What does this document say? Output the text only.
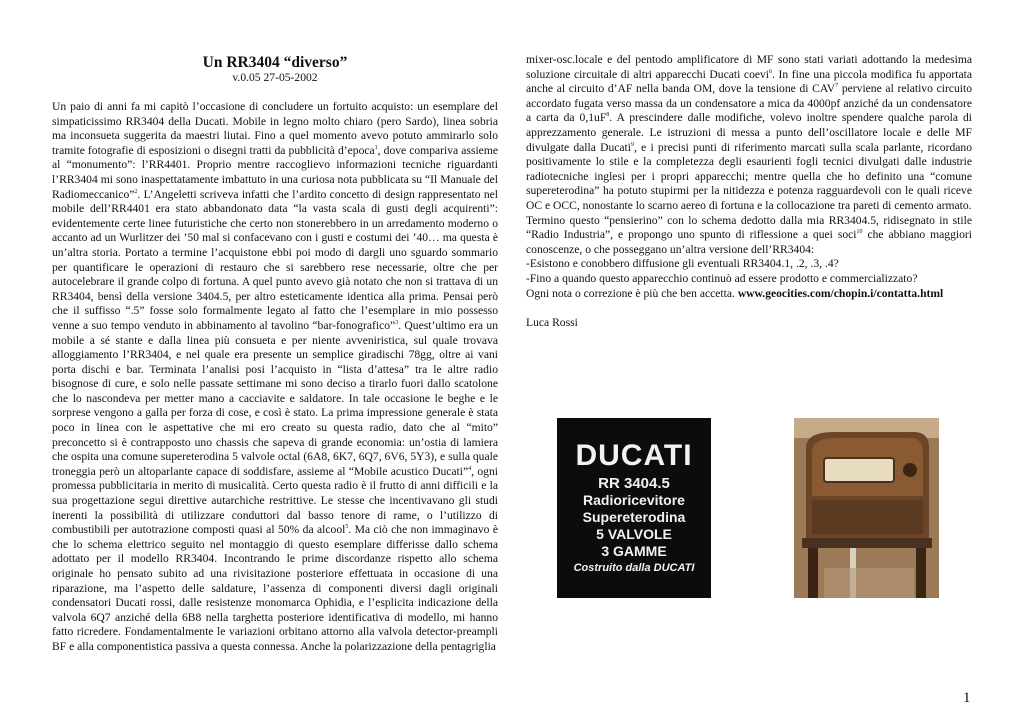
Un RR3404 “diverso”
v.0.05 27-05-2002

Un paio di anni fa mi capitò l’occasione di concludere un fortuito acquisto: un esemplare del simpaticissimo RR3404 della Ducati. Mobile in legno molto chiaro (pero Sardo), linea sobria ma inconsueta suggerita da maestri liutai. Fino a quel momento avevo potuto ammirarlo solo tramite fotografie di esposizioni o disegni tratti da pubblicità d’epoca$^1$, dove compariva assieme al “monumento”: l’RR4401. Proprio mentre raccoglievo informazioni tecniche riguardanti l’RR3404 mi sono inaspettatamente imbattuto in una curiosa nota pubblicata su “Il Manuale del Radiomeccanico”$^2$. L’Angeletti scriveva infatti che l’ardito concetto di design rappresentato nel mobile dell’RR4401 era stato abbandonato data “la vasta scala di gusti degli acquirenti”: evidentemente certe linee futuristiche che certo non stonerebbero in un arredamento moderno o accanto ad un Wurlitzer dei ’50 mal si confacevano con i gusti e costumi dei ’40… ma questa è un’altra storia. Portato a termine l’acquistone ebbi poi modo di dargli uno sguardo sommario per quantificare le operazioni di restauro che si sarebbero rese necessarie, oltre che per autocelebrare il grande colpo di fortuna. A quel punto avevo già notato che non si trattava di un RR3404, bensì della versione 3404.5, per altro esteticamente identica alla prima. Pensai però che il suffisso “.5” fosse solo formalmente legato al fatto che l’esemplare in mio possesso venne a suo tempo venduto in abbinamento al tavolino “bar-fonografico”$^3$. Quest’ultimo era un mobile a sé stante e dalla linea più consueta e per niente avveniristica, sul quale trovava alloggiamento l’RR3404, e nel quale era presente un semplice giradischi 78gg, oltre ai vani porta dischi e bar. Terminata l’analisi posi l’acquisto in “lista d’attesa” tra le altre radio bisognose di cure, e solo nelle passate settimane mi sono deciso a tirarlo fuori dallo scatolone che lo nascondeva per metter mano a cacciavite e saldatore. In tale occasione le beghe e le sorprese vengono a galla per forza di cose, e così è stato. La prima impressione generale è stata poco in linea con le aspettative che mi ero creato su questa radio, dato che al “mito” preconcetto si è contrapposto uno chassis che sapeva di grande economia: un’ostia di lamiera che ospita una comune supereterodina 5 valvole octal (6A8, 6K7, 6Q7, 6V6, 5Y3), e sulla quale troneggia però un altoparlante capace di soddisfare, assieme al “Mobile acustico Ducati”$^4$, ogni promessa pubblicitaria in merito di musicalità. Certo questa radio è il frutto di anni difficili e la sua progettazione segui direttive autarchiche restrittive. Le stesse che incentivavano gli studi inerenti la possibilità di utilizzare conduttori dal basso tenore di rame, o l’utilizzo di combustibili per autotrazione composti quasi al 50% da alcool$^5$. Ma ciò che non immaginavo è che lo schema elettrico seguito nel montaggio di questo esemplare differisse dallo schema adottato per il modello RR3404. Incontrando le prime discordanze rispetto allo schema originale ho pensato subito ad una rivisitazione posteriore effettuata in occasione di una riparazione, ma l’aspetto delle saldature, l’assenza di componenti diversi dagli originali condensatori Ducati rossi, dalle resistenze monomarca Ophidia, e l’esplicita indicazione della valvola 6Q7 anziché della 6B8 nella targhetta posteriore identificativa di modello, mi hanno fatto ricredere. Fondamentalmente le variazioni orbitano attorno alla valvola detector-preampli BF e alla componentistica passiva a questa connessa. Anche la polarizzazione della pentagriglia

mixer-osc.locale e del pentodo amplificatore di MF sono stati variati adottando la medesima soluzione circuitale di altri apparecchi Ducati coevi$^6$. In fine una piccola modifica fu apportata anche al circuito d’AF nella banda OM, dove la tensione di CAV$^7$ perviene al relativo circuito accordato fugata verso massa da un condensatore a mica da 4000pf anziché da un condensatore a carta da $0,1uF^8$. A prescindere dalle modifiche, volevo inoltre spendere qualche parola di apprezzamento generale. Le istruzioni di messa a punto dell’oscillatore locale e delle MF divulgate dalla Ducati$^9$, e i precisi punti di riferimento marcati sulla scala parlante, ricordano positivamente lo stile e la completezza degli esaurienti fogli tecnici divulgati dalle industrie radiotecniche inglesi per i propri apparecchi; mentre quella che ho definito una “comune supereterodina” ha potuto stupirmi per la nitidezza e potenza ragguardevoli con le quali riceve OC e OCC, nonostante lo scarno aereo di fortuna e la collocazione tra pareti di cemento armato.

Termino questo “pensierino” con lo schema dedotto dalla mia RR3404.5, ridisegnato in stile “Radio Industria”, e propongo uno spunto di riflessione a quei soci$^{10}$ che abbiano maggiori conoscenze, o che posseggano un’altra versione dell’RR3404:

-Esistono e conobbero diffusione gli eventuali RR3404.1, .2, .3, .4?

-Fino a quando questo apparecchio continuò ad essere prodotto e commercializzato?

Ogni nota o correzione è più che ben accetta. www.geocities.com/chopin.i/contatta.html

Luca Rossi

DUCATI
RR 3404.5
Radioricevitore
Supereterodina
5 VALVOLE
3 GAMME
Costruito dalla DUCATI
1
